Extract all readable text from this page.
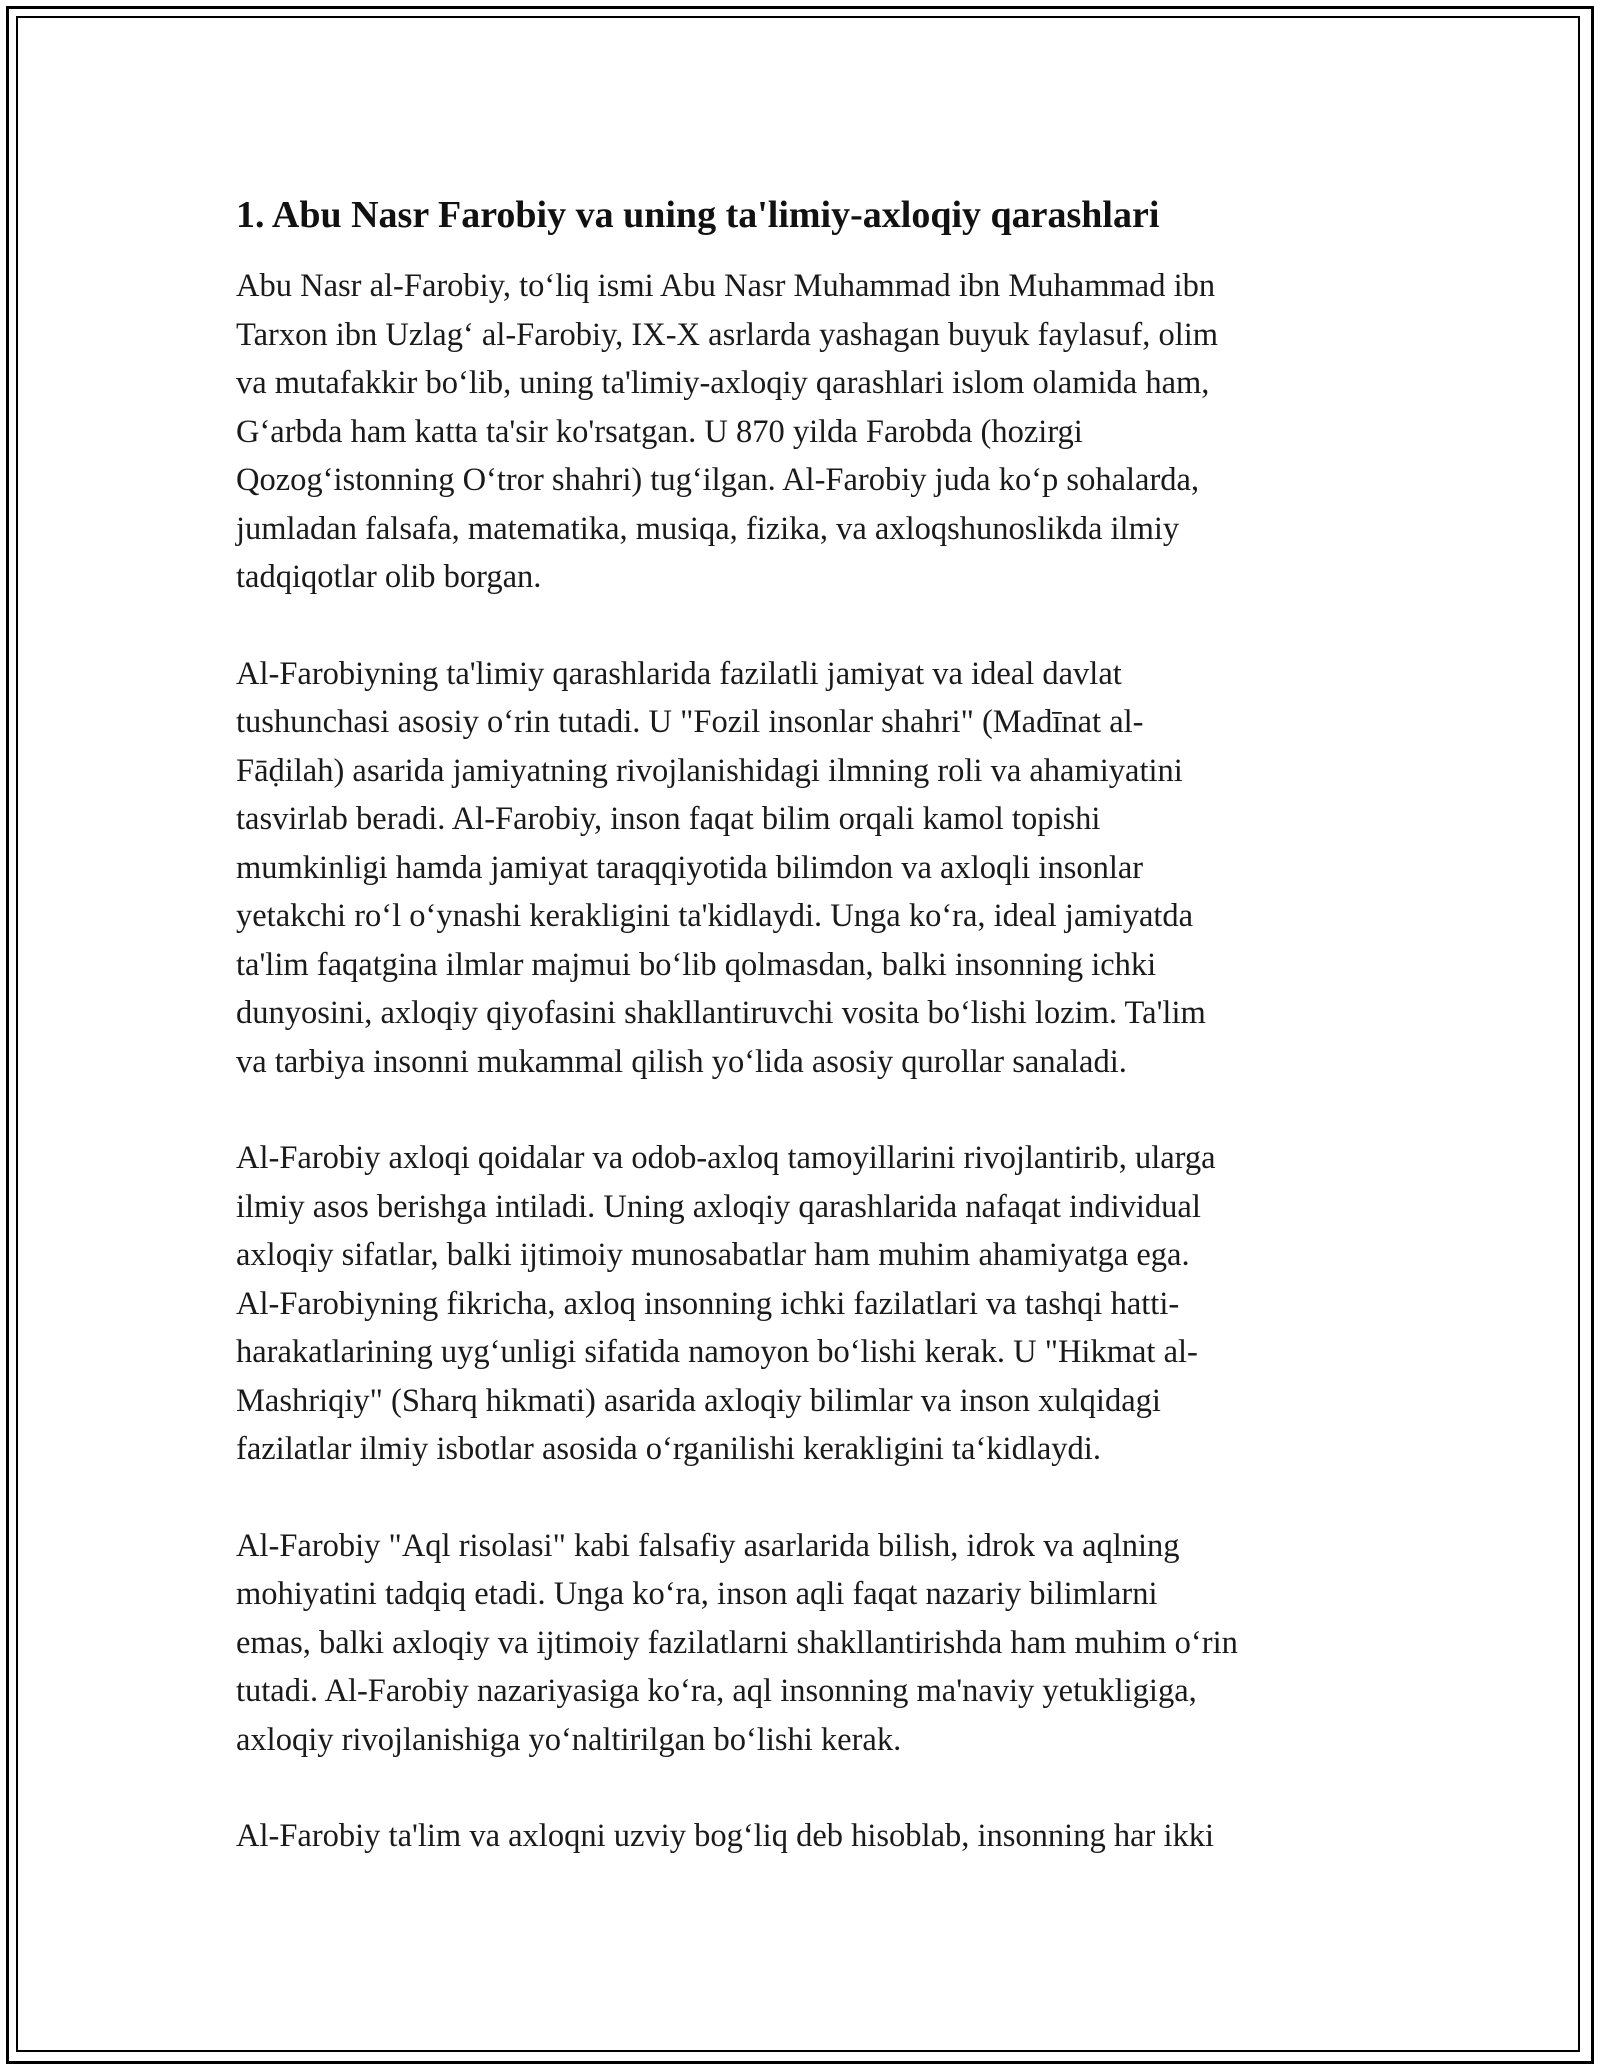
1. Abu Nasr Farobiy va uning ta'limiy-axloqiy qarashlari

Abu Nasr al-Farobiy, to‘liq ismi Abu Nasr Muhammad ibn Muhammad ibn
Tarxon ibn Uzlag‘ al-Farobiy, IX-X asrlarda yashagan buyuk faylasuf, olim
va mutafakkir bo‘lib, uning ta'limiy-axloqiy qarashlari islom olamida ham,
G‘arbda ham katta ta'sir ko'rsatgan. U 870 yilda Farobda (hozirgi
Qozog‘istonning O‘tror shahri) tug‘ilgan. Al-Farobiy juda ko‘p sohalarda,
jumladan falsafa, matematika, musiqa, fizika, va axloqshunoslikda ilmiy
tadqiqotlar olib borgan.

Al-Farobiyning ta'limiy qarashlarida fazilatli jamiyat va ideal davlat
tushunchasi asosiy o‘rin tutadi. U "Fozil insonlar shahri" (Madīnat al-
Fāḍilah) asarida jamiyatning rivojlanishidagi ilmning roli va ahamiyatini
tasvirlab beradi. Al-Farobiy, inson faqat bilim orqali kamol topishi
mumkinligi hamda jamiyat taraqqiyotida bilimdon va axloqli insonlar
yetakchi ro‘l o‘ynashi kerakligini ta'kidlaydi. Unga ko‘ra, ideal jamiyatda
ta'lim faqatgina ilmlar majmui bo‘lib qolmasdan, balki insonning ichki
dunyosini, axloqiy qiyofasini shakllantiruvchi vosita bo‘lishi lozim. Ta'lim
va tarbiya insonni mukammal qilish yo‘lida asosiy qurollar sanaladi.

Al-Farobiy axloqi qoidalar va odob-axloq tamoyillarini rivojlantirib, ularga
ilmiy asos berishga intiladi. Uning axloqiy qarashlarida nafaqat individual
axloqiy sifatlar, balki ijtimoiy munosabatlar ham muhim ahamiyatga ega.
Al-Farobiyning fikricha, axloq insonning ichki fazilatlari va tashqi hatti-
harakatlarining uyg‘unligi sifatida namoyon bo‘lishi kerak. U "Hikmat al-
Mashriqiy" (Sharq hikmati) asarida axloqiy bilimlar va inson xulqidagi
fazilatlar ilmiy isbotlar asosida o‘rganilishi kerakligini ta‘kidlaydi.

Al-Farobiy "Aql risolasi" kabi falsafiy asarlarida bilish, idrok va aqlning
mohiyatini tadqiq etadi. Unga ko‘ra, inson aqli faqat nazariy bilimlarni
emas, balki axloqiy va ijtimoiy fazilatlarni shakllantirishda ham muhim o‘rin
tutadi. Al-Farobiy nazariyasiga ko‘ra, aql insonning ma'naviy yetukligiga,
axloqiy rivojlanishiga yo‘naltirilgan bo‘lishi kerak.

Al-Farobiy ta'lim va axloqni uzviy bog‘liq deb hisoblab, insonning har ikki
